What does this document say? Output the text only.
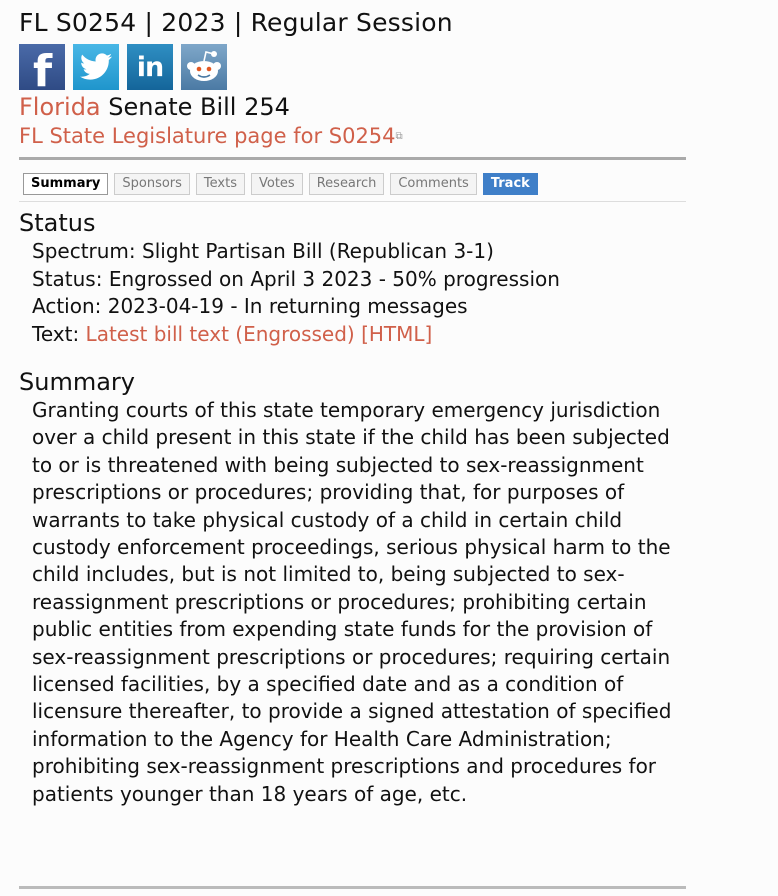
FL S0254 | 2023 | Regular Session
f	in
Florida Senate Bill 254
FL State Legislature page for S0254⧉
Summary	Sponsors	Texts	Votes	Research	Comments	Track
Status
Spectrum: Slight Partisan Bill (Republican 3-1)
Status: Engrossed on April 3 2023 - 50% progression
Action: 2023-04-19 - In returning messages
Text: Latest bill text (Engrossed) [HTML]
Summary
Granting courts of this state temporary emergency jurisdiction over a child present in this state if the child has been subjected to or is threatened with being subjected to sex-reassignment prescriptions or procedures; providing that, for purposes of warrants to take physical custody of a child in certain child custody enforcement proceedings, serious physical harm to the child includes, but is not limited to, being subjected to sex-reassignment prescriptions or procedures; prohibiting certain public entities from expending state funds for the provision of sex-reassignment prescriptions or procedures; requiring certain licensed facilities, by a specified date and as a condition of licensure thereafter, to provide a signed attestation of specified information to the Agency for Health Care Administration; prohibiting sex-reassignment prescriptions and procedures for patients younger than 18 years of age, etc.
